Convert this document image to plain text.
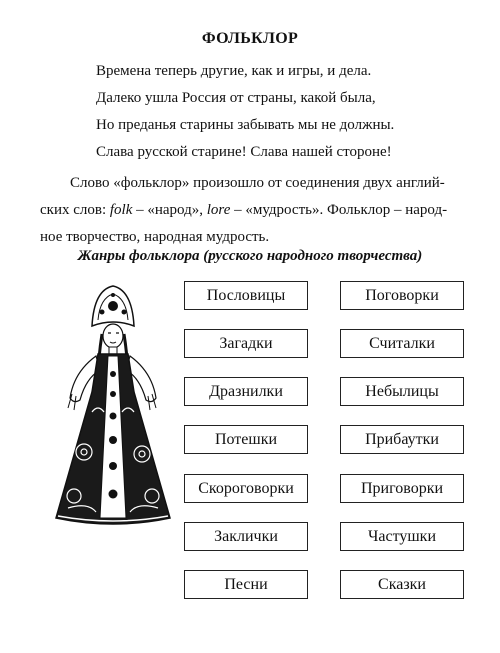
ФОЛЬКЛОР
Времена теперь другие, как и игры, и дела.
Далеко ушла Россия от страны, какой была,
Но преданья старины забывать мы не должны.
Слава русской старине! Слава нашей стороне!
Слово «фольклор» произошло от соединения двух англий-
ских слов: folk – «народ», lore – «мудрость». Фольклор – народ-
ное творчество, народная мудрость.
Жанры фольклора (русского народного творчества)
Пословицы	Поговорки
Загадки	Считалки
Дразнилки	Небылицы
Потешки	Прибаутки
Скороговорки	Приговорки
Заклички	Частушки
Песни	Сказки
